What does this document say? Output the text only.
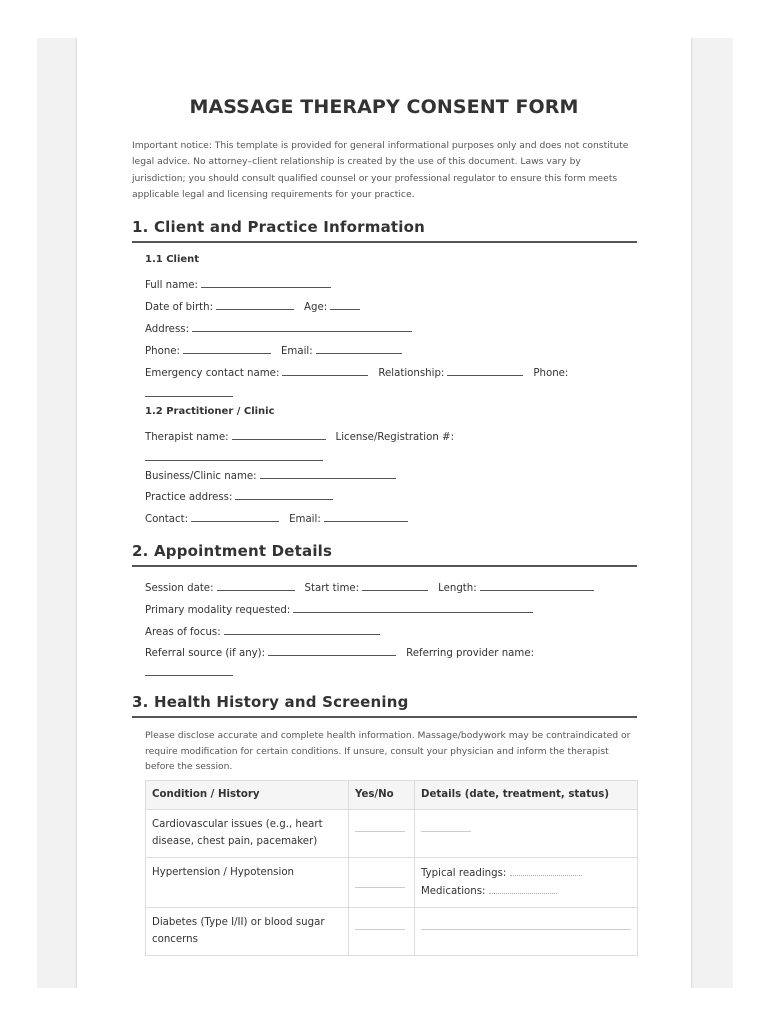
MASSAGE THERAPY CONSENT FORM
Important notice: This template is provided for general informational purposes only and does not constitute legal advice. No attorney–client relationship is created by the use of this document. Laws vary by jurisdiction; you should consult qualified counsel or your professional regulator to ensure this form meets applicable legal and licensing requirements for your practice.
1. Client and Practice Information
1.1 Client
Full name:
Date of birth:	Age:
Address:
Phone:	Email:
Emergency contact name:	Relationship:	Phone:
1.2 Practitioner / Clinic
Therapist name:	License/Registration #:
Business/Clinic name:
Practice address:
Contact:	Email:
2. Appointment Details
Session date:	Start time:	Length:
Primary modality requested:
Areas of focus:
Referral source (if any):	Referring provider name:
3. Health History and Screening
Please disclose accurate and complete health information. Massage/bodywork may be contraindicated or require modification for certain conditions. If unsure, consult your physician and inform the therapist before the session.
Condition / History	Yes/No	Details (date, treatment, status)
Cardiovascular issues (e.g., heart disease, chest pain, pacemaker)	

Hypertension / Hypotension		Typical readings:
Medications:
Diabetes (Type I/II) or blood sugar concerns	
